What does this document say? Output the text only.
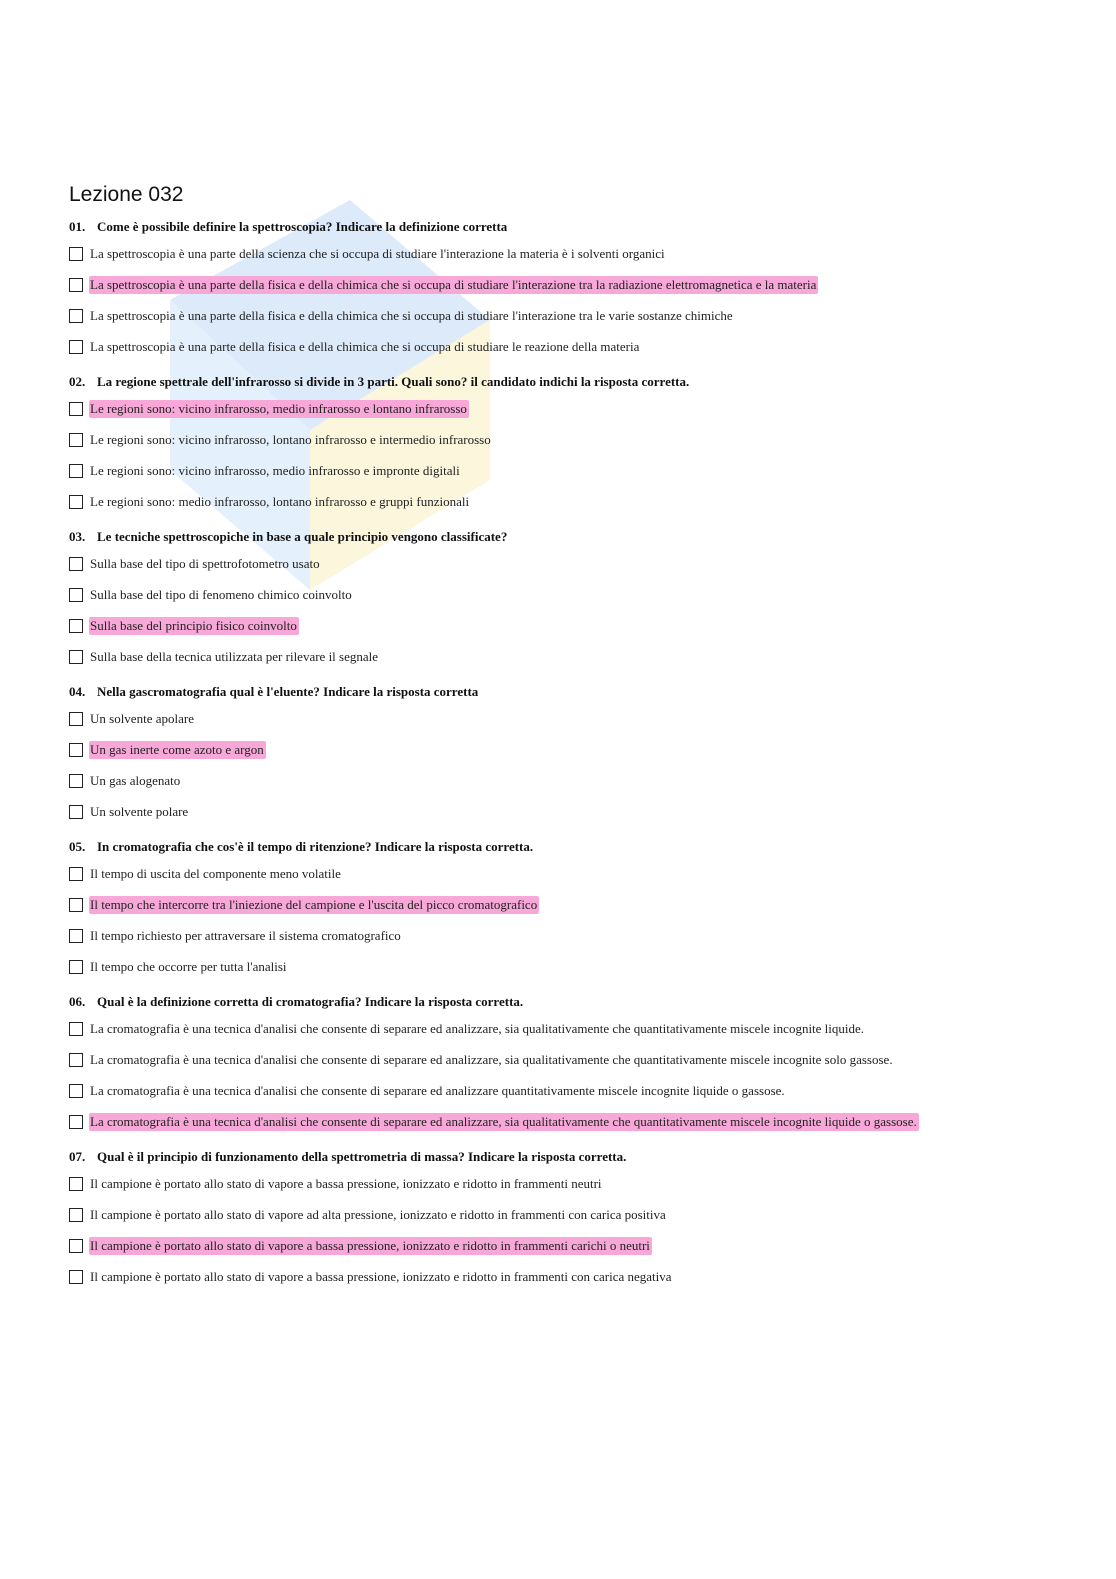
Lezione 032
01. Come è possibile definire la spettroscopia? Indicare la definizione corretta
La spettroscopia è una parte della scienza che si occupa di studiare l'interazione la materia è i solventi organici
La spettroscopia è una parte della fisica e della chimica che si occupa di studiare l'interazione tra la radiazione elettromagnetica e la materia
La spettroscopia è una parte della fisica e della chimica che si occupa di studiare l'interazione tra le varie sostanze chimiche
La spettroscopia è una parte della fisica e della chimica che si occupa di studiare le reazione della materia
02. La regione spettrale dell'infrarosso si divide in 3 parti. Quali sono? il candidato indichi la risposta corretta.
Le regioni sono: vicino infrarosso, medio infrarosso e lontano infrarosso
Le regioni sono: vicino infrarosso, lontano infrarosso e intermedio infrarosso
Le regioni sono: vicino infrarosso, medio infrarosso e impronte digitali
Le regioni sono: medio infrarosso, lontano infrarosso e gruppi funzionali
03. Le tecniche spettroscopiche in base a quale principio vengono classificate?
Sulla base del tipo di spettrofotometro usato
Sulla base del tipo di fenomeno chimico coinvolto
Sulla base del principio fisico coinvolto
Sulla base della tecnica utilizzata per rilevare il segnale
04. Nella gascromatografia qual è l'eluente? Indicare la risposta corretta
Un solvente apolare
Un gas inerte come azoto e argon
Un gas alogenato
Un solvente polare
05. In cromatografia che cos'è il tempo di ritenzione? Indicare la risposta corretta.
Il tempo di uscita del componente meno volatile
Il tempo che intercorre tra l'iniezione del campione e l'uscita del picco cromatografico
Il tempo richiesto per attraversare il sistema cromatografico
Il tempo che occorre per tutta l'analisi
06. Qual è la definizione corretta di cromatografia? Indicare la risposta corretta.
La cromatografia è una tecnica d'analisi che consente di separare ed analizzare, sia qualitativamente che quantitativamente miscele incognite liquide.
La cromatografia è una tecnica d'analisi che consente di separare ed analizzare, sia qualitativamente che quantitativamente miscele incognite solo gassose.
La cromatografia è una tecnica d'analisi che consente di separare ed analizzare quantitativamente miscele incognite liquide o gassose.
La cromatografia è una tecnica d'analisi che consente di separare ed analizzare, sia qualitativamente che quantitativamente miscele incognite liquide o gassose.
07. Qual è il principio di funzionamento della spettrometria di massa? Indicare la risposta corretta.
Il campione è portato allo stato di vapore a bassa pressione, ionizzato e ridotto in frammenti neutri
Il campione è portato allo stato di vapore ad alta pressione, ionizzato e ridotto in frammenti con carica positiva
Il campione è portato allo stato di vapore a bassa pressione, ionizzato e ridotto in frammenti carichi o neutri
Il campione è portato allo stato di vapore a bassa pressione, ionizzato e ridotto in frammenti con carica negativa
